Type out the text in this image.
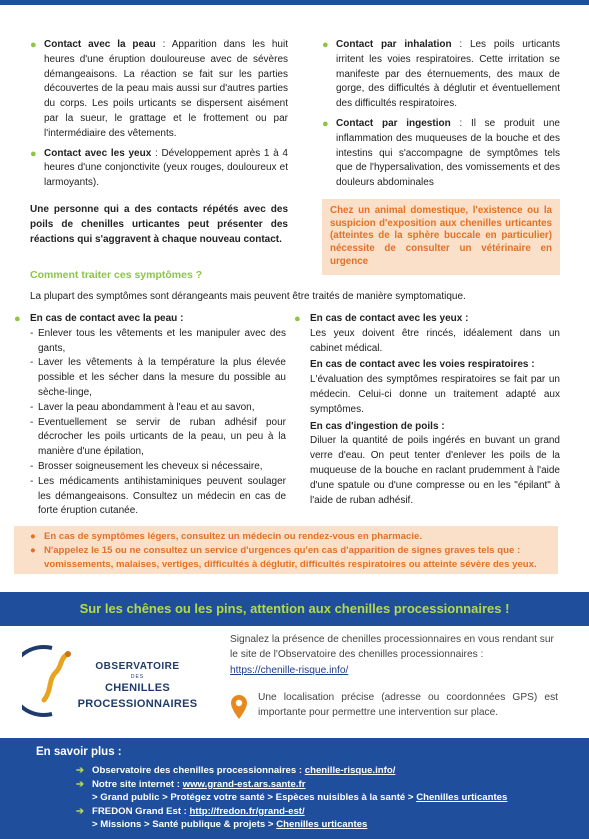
● Contact avec la peau : Apparition dans les huit heures d'une éruption douloureuse avec de sévères démangeaisons. La réaction se fait sur les parties découvertes de la peau mais aussi sur d'autres parties du corps. Les poils urticants se dispersent aisément par la sueur, le grattage et le frottement ou par l'intermédiaire des vêtements.
● Contact avec les yeux : Développement après 1 à 4 heures d'une conjonctivite (yeux rouges, douloureux et larmoyants).

Une personne qui a des contacts répétés avec des poils de chenilles urticantes peut présenter des réactions qui s'aggravent à chaque nouveau contact.

● Contact par inhalation : Les poils urticants irritent les voies respiratoires. Cette irritation se manifeste par des éternuements, des maux de gorge, des difficultés à déglutir et éventuellement des difficultés respiratoires.
● Contact par ingestion : Il se produit une inflammation des muqueuses de la bouche et des intestins qui s'accompagne de symptômes tels que de l'hypersalivation, des vomissements et des douleurs abdominales
Chez un animal domestique, l'existence ou la suspicion d'exposition aux chenilles urticantes (atteintes de la sphère buccale en particulier) nécessite de consulter un vétérinaire en urgence
Comment traiter ces symptômes ?
La plupart des symptômes sont dérangeants mais peuvent être traités de manière symptomatique.
● En cas de contact avec la peau :
- Enlever tous les vêtements et les manipuler avec des gants,
- Laver les vêtements à la température la plus élevée possible et les sécher dans la mesure du possible au sèche-linge,
- Laver la peau abondamment à l'eau et au savon,
- Eventuellement se servir de ruban adhésif pour décrocher les poils urticants de la peau, un peu à la manière d'une épilation,
- Brosser soigneusement les cheveux si nécessaire,
- Les médicaments antihistaminiques peuvent soulager les démangeaisons. Consultez un médecin en cas de forte éruption cutanée.
● En cas de contact avec les yeux :

Les yeux doivent être rincés, idéalement dans un cabinet médical.

En cas de contact avec les voies respiratoires :

L'évaluation des symptômes respiratoires se fait par un médecin. Celui-ci donne un traitement adapté aux symptômes.

En cas d'ingestion de poils :

Diluer la quantité de poils ingérés en buvant un grand verre d'eau. On peut tenter d'enlever les poils de la muqueuse de la bouche en raclant prudemment à l'aide d'une spatule ou d'une compresse ou en les "épilant" à l'aide de ruban adhésif.

● En cas de symptômes légers, consultez un médecin ou rendez-vous en pharmacie.
● N'appelez le 15 ou ne consultez un service d'urgences qu'en cas d'apparition de signes graves tels que : vomissements, malaises, vertiges, difficultés à déglutir, difficultés respiratoires ou atteinte sévère des yeux.
Sur les chênes ou les pins, attention aux chenilles processionnaires !
OBSERVATOIRE
DES
CHENILLES PROCESSIONNAIRES
Signalez la présence de chenilles processionnaires en vous rendant sur le site de l'Observatoire des chenilles processionnaires :
https://chenille-risque.info/
Une localisation précise (adresse ou coordonnées GPS) est importante pour permettre une intervention sur place.
En savoir plus :
➔ Observatoire des chenilles processionnaires : chenille-risque.info/
➔ Notre site internet : www.grand-est.ars.sante.fr
> Grand public > Protégez votre santé > Espèces nuisibles à la santé > Chenilles urticantes
➔ FREDON Grand Est : http://fredon.fr/grand-est/
> Missions > Santé publique & projets > Chenilles urticantes
